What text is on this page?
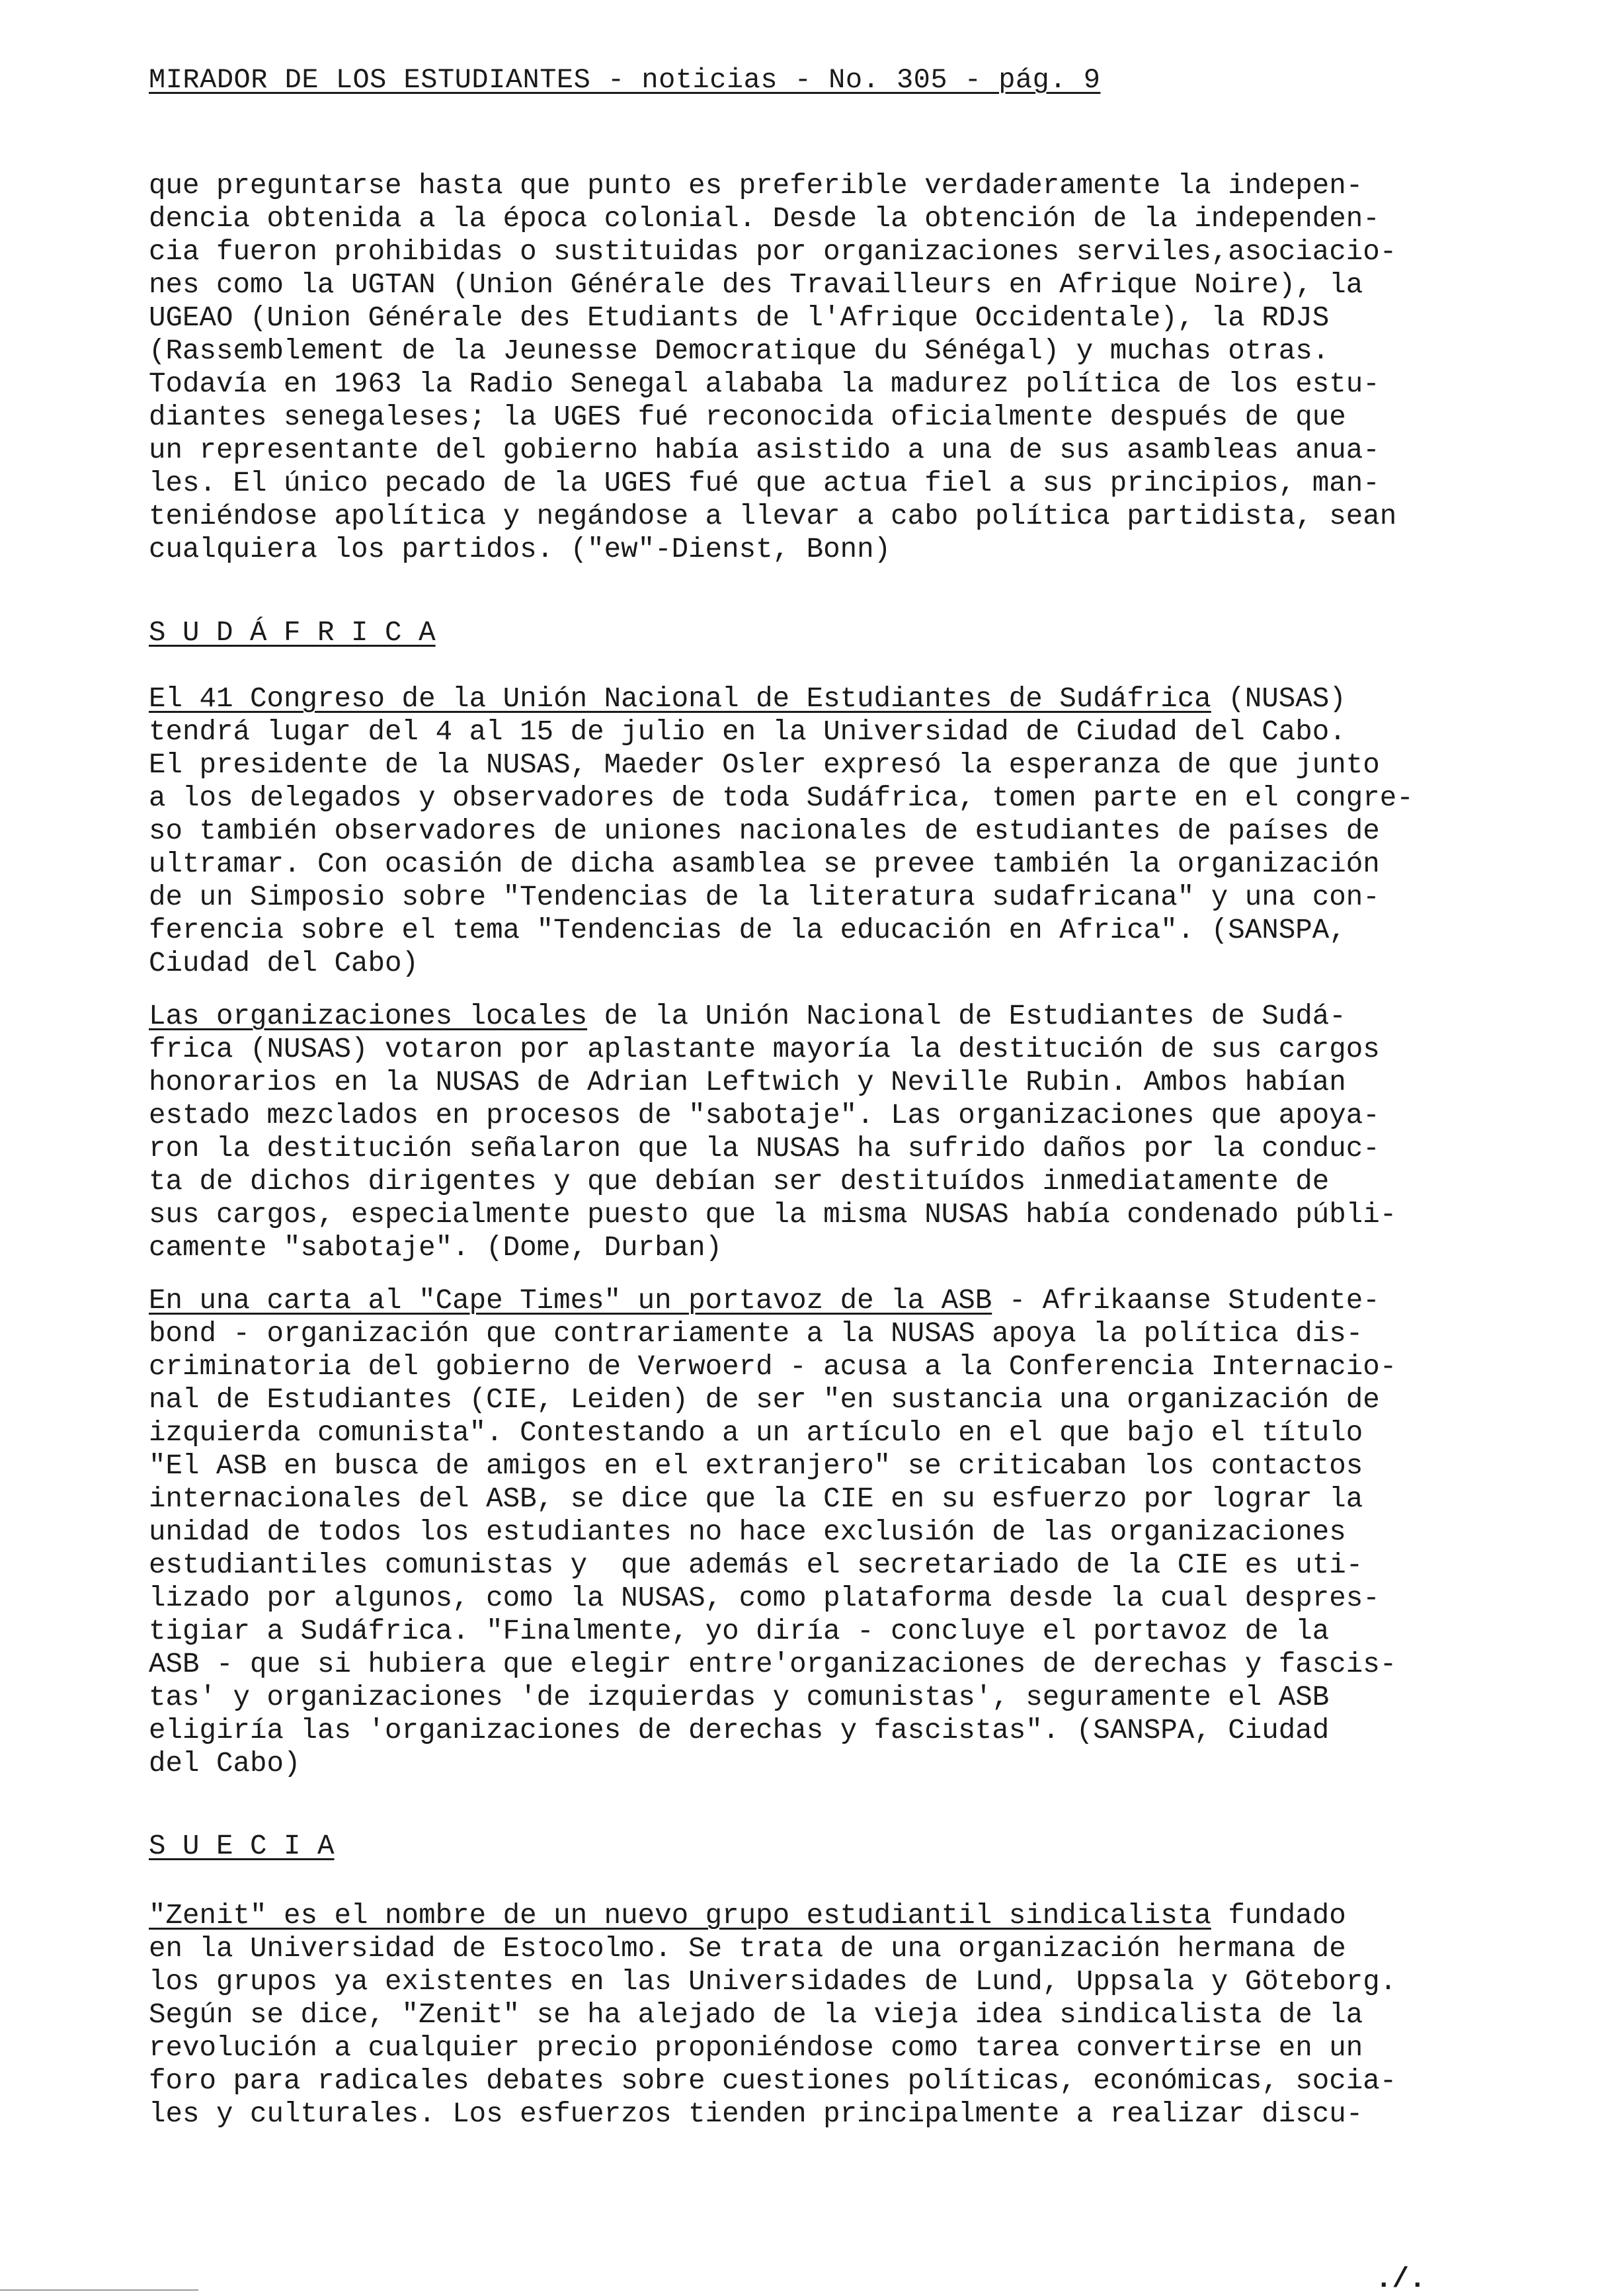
MIRADOR DE LOS ESTUDIANTES - noticias - No. 305 - pág. 9
que preguntarse hasta que punto es preferible verdaderamente la indepen-
dencia obtenida a la época colonial. Desde la obtención de la independen-
cia fueron prohibidas o sustituidas por organizaciones serviles,asociacio-
nes como la UGTAN (Union Générale des Travailleurs en Afrique Noire), la
UGEAO (Union Générale des Etudiants de l'Afrique Occidentale), la RDJS
(Rassemblement de la Jeunesse Democratique du Sénégal) y muchas otras.
Todavía en 1963 la Radio Senegal alababa la madurez política de los estu-
diantes senegaleses; la UGES fué reconocida oficialmente después de que
un representante del gobierno había asistido a una de sus asambleas anua-
les. El único pecado de la UGES fué que actua fiel a sus principios, man-
teniéndose apolítica y negándose a llevar a cabo política partidista, sean
cualquiera los partidos. ("ew"-Dienst, Bonn)
S U D Á F R I C A
El 41 Congreso de la Unión Nacional de Estudiantes de Sudáfrica (NUSAS)
tendrá lugar del 4 al 15 de julio en la Universidad de Ciudad del Cabo.
El presidente de la NUSAS, Maeder Osler expresó la esperanza de que junto
a los delegados y observadores de toda Sudáfrica, tomen parte en el congre-
so también observadores de uniones nacionales de estudiantes de países de
ultramar. Con ocasión de dicha asamblea se prevee también la organización
de un Simposio sobre "Tendencias de la literatura sudafricana" y una con-
ferencia sobre el tema "Tendencias de la educación en Africa". (SANSPA,
Ciudad del Cabo)
Las organizaciones locales de la Unión Nacional de Estudiantes de Sudá-
frica (NUSAS) votaron por aplastante mayoría la destitución de sus cargos
honorarios en la NUSAS de Adrian Leftwich y Neville Rubin. Ambos habían
estado mezclados en procesos de "sabotaje". Las organizaciones que apoya-
ron la destitución señalaron que la NUSAS ha sufrido daños por la conduc-
ta de dichos dirigentes y que debían ser destituídos inmediatamente de
sus cargos, especialmente puesto que la misma NUSAS había condenado públi-
camente "sabotaje". (Dome, Durban)
En una carta al "Cape Times" un portavoz de la ASB - Afrikaanse Studente-
bond - organización que contrariamente a la NUSAS apoya la política dis-
criminatoria del gobierno de Verwoerd - acusa a la Conferencia Internacio-
nal de Estudiantes (CIE, Leiden) de ser "en sustancia una organización de
izquierda comunista". Contestando a un artículo en el que bajo el título
"El ASB en busca de amigos en el extranjero" se criticaban los contactos
internacionales del ASB, se dice que la CIE en su esfuerzo por lograr la
unidad de todos los estudiantes no hace exclusión de las organizaciones
estudiantiles comunistas y  que además el secretariado de la CIE es uti-
lizado por algunos, como la NUSAS, como plataforma desde la cual despres-
tigiar a Sudáfrica. "Finalmente, yo diría - concluye el portavoz de la
ASB - que si hubiera que elegir entre'organizaciones de derechas y fascis-
tas' y organizaciones 'de izquierdas y comunistas', seguramente el ASB
eligiría las 'organizaciones de derechas y fascistas". (SANSPA, Ciudad
del Cabo)
S U E C I A
"Zenit" es el nombre de un nuevo grupo estudiantil sindicalista fundado
en la Universidad de Estocolmo. Se trata de una organización hermana de
los grupos ya existentes en las Universidades de Lund, Uppsala y Göteborg.
Según se dice, "Zenit" se ha alejado de la vieja idea sindicalista de la
revolución a cualquier precio proponiéndose como tarea convertirse en un
foro para radicales debates sobre cuestiones políticas, económicas, socia-
les y culturales. Los esfuerzos tienden principalmente a realizar discu-
./.
